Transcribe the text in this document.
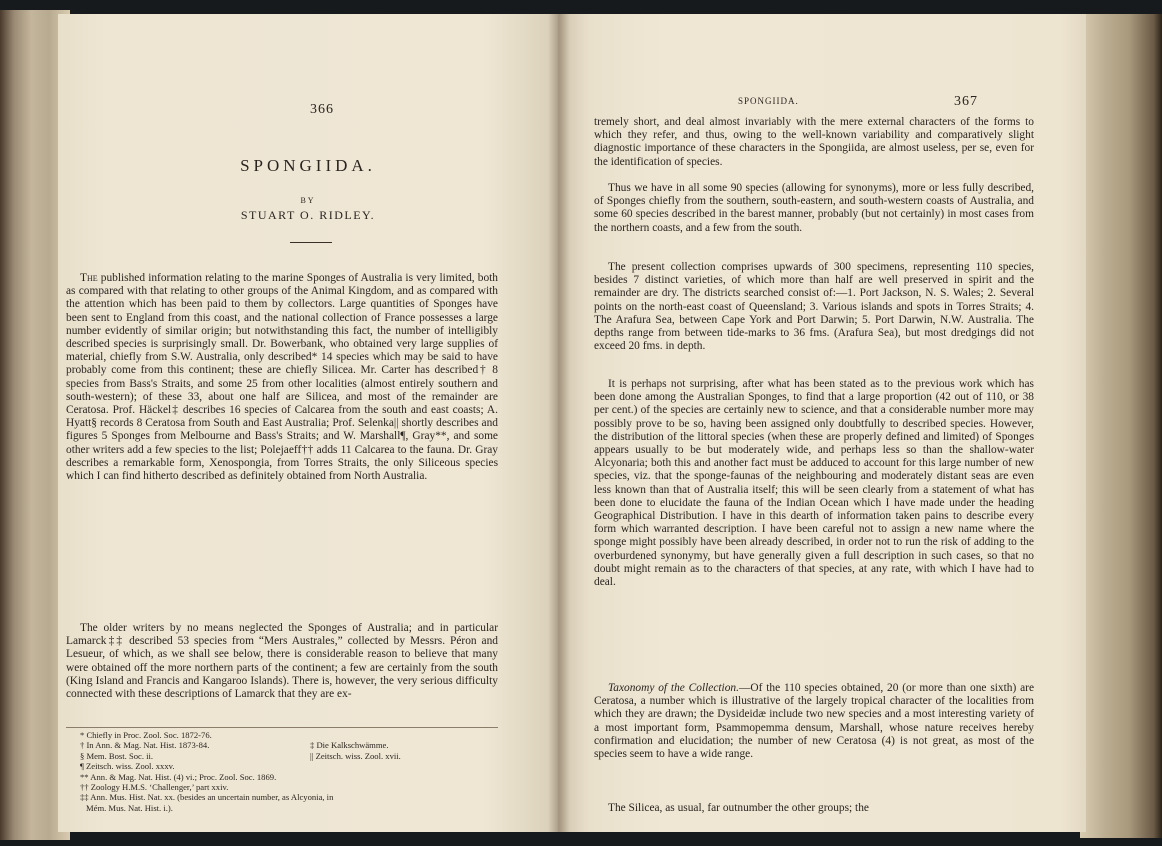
366
SPONGIIDA.
BY
STUART O. RIDLEY.

The published information relating to the marine Sponges of Australia is very limited, both as compared with that relating to other groups of the Animal Kingdom, and as compared with the attention which has been paid to them by collectors. Large quantities of Sponges have been sent to England from this coast, and the national collection of France possesses a large number evidently of similar origin; but notwithstanding this fact, the number of intelligibly described species is surprisingly small. Dr. Bowerbank, who obtained very large supplies of material, chiefly from S.W. Australia, only described* 14 species which may be said to have probably come from this continent; these are chiefly Silicea. Mr. Carter has described† 8 species from Bass's Straits, and some 25 from other localities (almost entirely southern and south-western); of these 33, about one half are Silicea, and most of the remainder are Ceratosa. Prof. Häckel‡ describes 16 species of Calcarea from the south and east coasts; A. Hyatt§ records 8 Ceratosa from South and East Australia; Prof. Selenka|| shortly describes and figures 5 Sponges from Melbourne and Bass's Straits; and W. Marshall¶, Gray**, and some other writers add a few species to the list; Polejaeff†† adds 11 Calcarea to the fauna. Dr. Gray describes a remarkable form, Xenospongia, from Torres Straits, the only Siliceous species which I can find hitherto described as definitely obtained from North Australia.

The older writers by no means neglected the Sponges of Australia; and in particular Lamarck‡‡ described 53 species from “Mers Australes,” collected by Messrs. Péron and Lesueur, of which, as we shall see below, there is considerable reason to believe that many were obtained off the more northern parts of the continent; a few are certainly from the south (King Island and Francis and Kangaroo Islands). There is, however, the very serious difficulty connected with these descriptions of Lamarck that they are ex-

* Chiefly in Proc. Zool. Soc. 1872-76.
† In Ann. & Mag. Nat. Hist. 1873-84.	‡ Die Kalkschwämme.
§ Mem. Bost. Soc. ii.	|| Zeitsch. wiss. Zool. xvii.
¶ Zeitsch. wiss. Zool. xxxv.
** Ann. & Mag. Nat. Hist. (4) vi.; Proc. Zool. Soc. 1869.
†† Zoology H.M.S. ‘Challenger,’ part xxiv.
‡‡ Ann. Mus. Hist. Nat. xx. (besides an uncertain number, as Alcyonia, in
Mém. Mus. Nat. Hist. i.).
SPONGIIDA.	367

tremely short, and deal almost invariably with the mere external characters of the forms to which they refer, and thus, owing to the well-known variability and comparatively slight diagnostic importance of these characters in the Spongiida, are almost useless, per se, even for the identification of species.

Thus we have in all some 90 species (allowing for synonyms), more or less fully described, of Sponges chiefly from the southern, south-eastern, and south-western coasts of Australia, and some 60 species described in the barest manner, probably (but not certainly) in most cases from the northern coasts, and a few from the south.

The present collection comprises upwards of 300 specimens, representing 110 species, besides 7 distinct varieties, of which more than half are well preserved in spirit and the remainder are dry. The districts searched consist of:—1. Port Jackson, N. S. Wales; 2. Several points on the north-east coast of Queensland; 3. Various islands and spots in Torres Straits; 4. The Arafura Sea, between Cape York and Port Darwin; 5. Port Darwin, N.W. Australia. The depths range from between tide-marks to 36 fms. (Arafura Sea), but most dredgings did not exceed 20 fms. in depth.

It is perhaps not surprising, after what has been stated as to the previous work which has been done among the Australian Sponges, to find that a large proportion (42 out of 110, or 38 per cent.) of the species are certainly new to science, and that a considerable number more may possibly prove to be so, having been assigned only doubtfully to described species. However, the distribution of the littoral species (when these are properly defined and limited) of Sponges appears usually to be but moderately wide, and perhaps less so than the shallow-water Alcyonaria; both this and another fact must be adduced to account for this large number of new species, viz. that the sponge-faunas of the neighbouring and moderately distant seas are even less known than that of Australia itself; this will be seen clearly from a statement of what has been done to elucidate the fauna of the Indian Ocean which I have made under the heading Geographical Distribution. I have in this dearth of information taken pains to describe every form which warranted description. I have been careful not to assign a new name where the sponge might possibly have been already described, in order not to run the risk of adding to the overburdened synonymy, but have generally given a full description in such cases, so that no doubt might remain as to the characters of that species, at any rate, with which I have had to deal.

Taxonomy of the Collection.—Of the 110 species obtained, 20 (or more than one sixth) are Ceratosa, a number which is illustrative of the largely tropical character of the localities from which they are drawn; the Dysideidæ include two new species and a most interesting variety of a most important form, Psammopemma densum, Marshall, whose nature receives hereby confirmation and elucidation; the number of new Ceratosa (4) is not great, as most of the species seem to have a wide range.

The Silicea, as usual, far outnumber the other groups; the
